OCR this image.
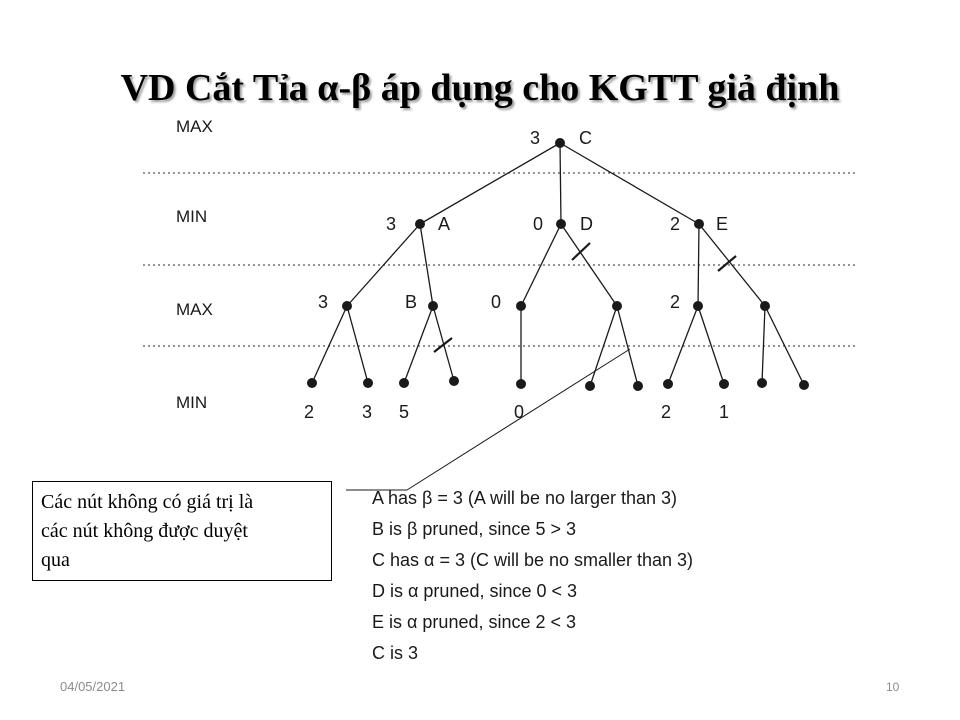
VD Cắt Tỉa α-β áp dụng cho KGTT giả định
MAX
MIN
MAX
MIN
3 C
3 A	0 D	2 E
3	B	0	2
2	3 5	0	2	1
Các nút không có giá trị là
các nút không được duyệt
qua
A has β = 3 (A will be no larger than 3)
B is β pruned, since 5 > 3
C has α = 3 (C will be no smaller than 3)
D is α pruned, since 0 < 3
E is α pruned, since 2 < 3
C is 3
04/05/2021	10
